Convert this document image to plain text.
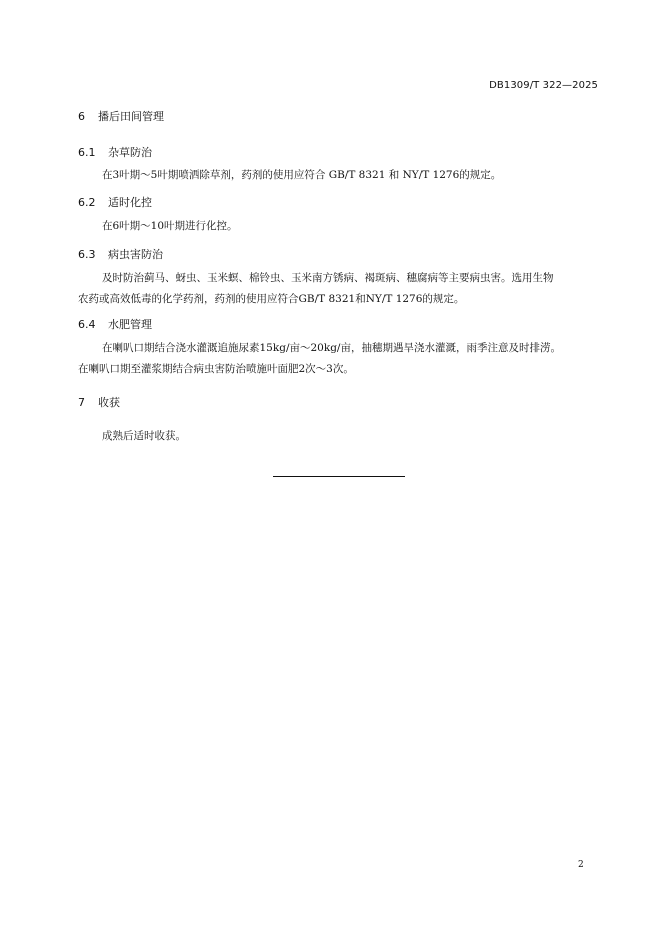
DB1309/T 322—2025
6 播后田间管理
6.1 杂草防治
在3叶期～5叶期喷洒除草剂，药剂的使用应符合 GB/T 8321 和 NY/T 1276的规定。
6.2 适时化控
在6叶期～10叶期进行化控。
6.3 病虫害防治
及时防治蓟马、蚜虫、玉米螟、棉铃虫、玉米南方锈病、褐斑病、穗腐病等主要病虫害。选用生物
农药或高效低毒的化学药剂，药剂的使用应符合GB/T 8321和NY/T 1276的规定。
6.4 水肥管理
在喇叭口期结合浇水灌溉追施尿素15kg/亩～20kg/亩，抽穗期遇旱浇水灌溉，雨季注意及时排涝。
在喇叭口期至灌浆期结合病虫害防治喷施叶面肥2次～3次。
7 收获
成熟后适时收获。
2
